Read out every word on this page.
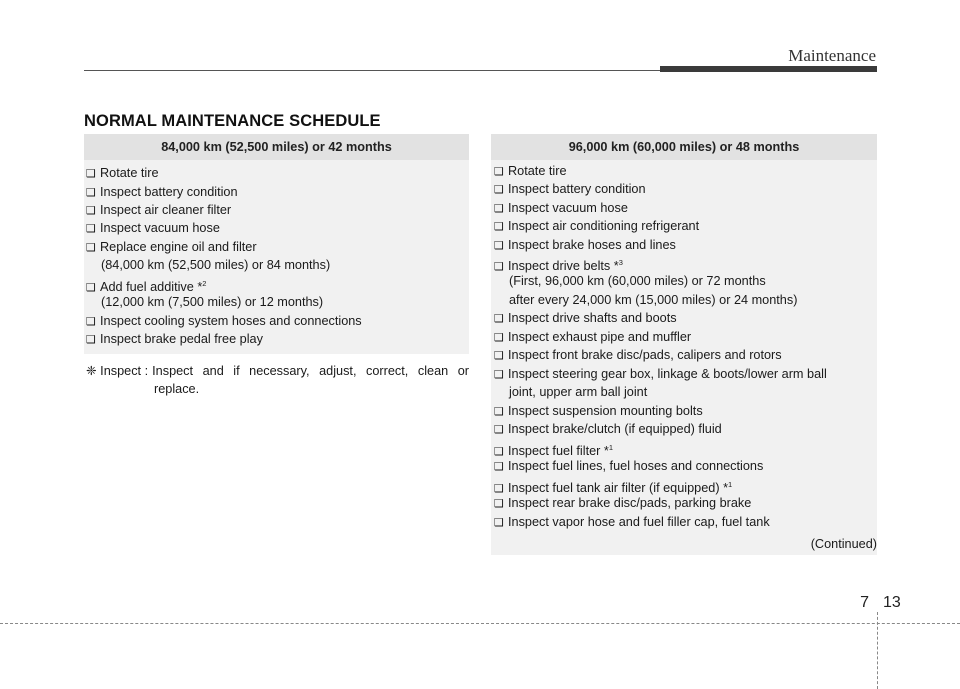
Maintenance
NORMAL MAINTENANCE SCHEDULE
84,000 km (52,500 miles) or 42 months
❑ Rotate tire
❑ Inspect battery condition
❑ Inspect air cleaner filter
❑ Inspect vacuum hose
❑ Replace engine oil and filter
(84,000 km (52,500 miles) or 84 months)
❑ Add fuel additive *$^2$
(12,000 km (7,500 miles) or 12 months)
❑ Inspect cooling system hoses and connections
❑ Inspect brake pedal free play
❈ Inspect : Inspect and if necessary, adjust, correct, clean or
replace.
96,000 km (60,000 miles) or 48 months
❑ Rotate tire
❑ Inspect battery condition
❑ Inspect vacuum hose
❑ Inspect air conditioning refrigerant
❑ Inspect brake hoses and lines
❑ Inspect drive belts *$^3$
(First, 96,000 km (60,000 miles) or 72 months
after every 24,000 km (15,000 miles) or 24 months)
❑ Inspect drive shafts and boots
❑ Inspect exhaust pipe and muffler
❑ Inspect front brake disc/pads, calipers and rotors
❑ Inspect steering gear box, linkage & boots/lower arm ball
joint, upper arm ball joint
❑ Inspect suspension mounting bolts
❑ Inspect brake/clutch (if equipped) fluid
❑ Inspect fuel filter *$^1$
❑ Inspect fuel lines, fuel hoses and connections
❑ Inspect fuel tank air filter (if equipped) *$^1$
❑ Inspect rear brake disc/pads, parking brake
❑ Inspect vapor hose and fuel filler cap, fuel tank
(Continued)
7 13
